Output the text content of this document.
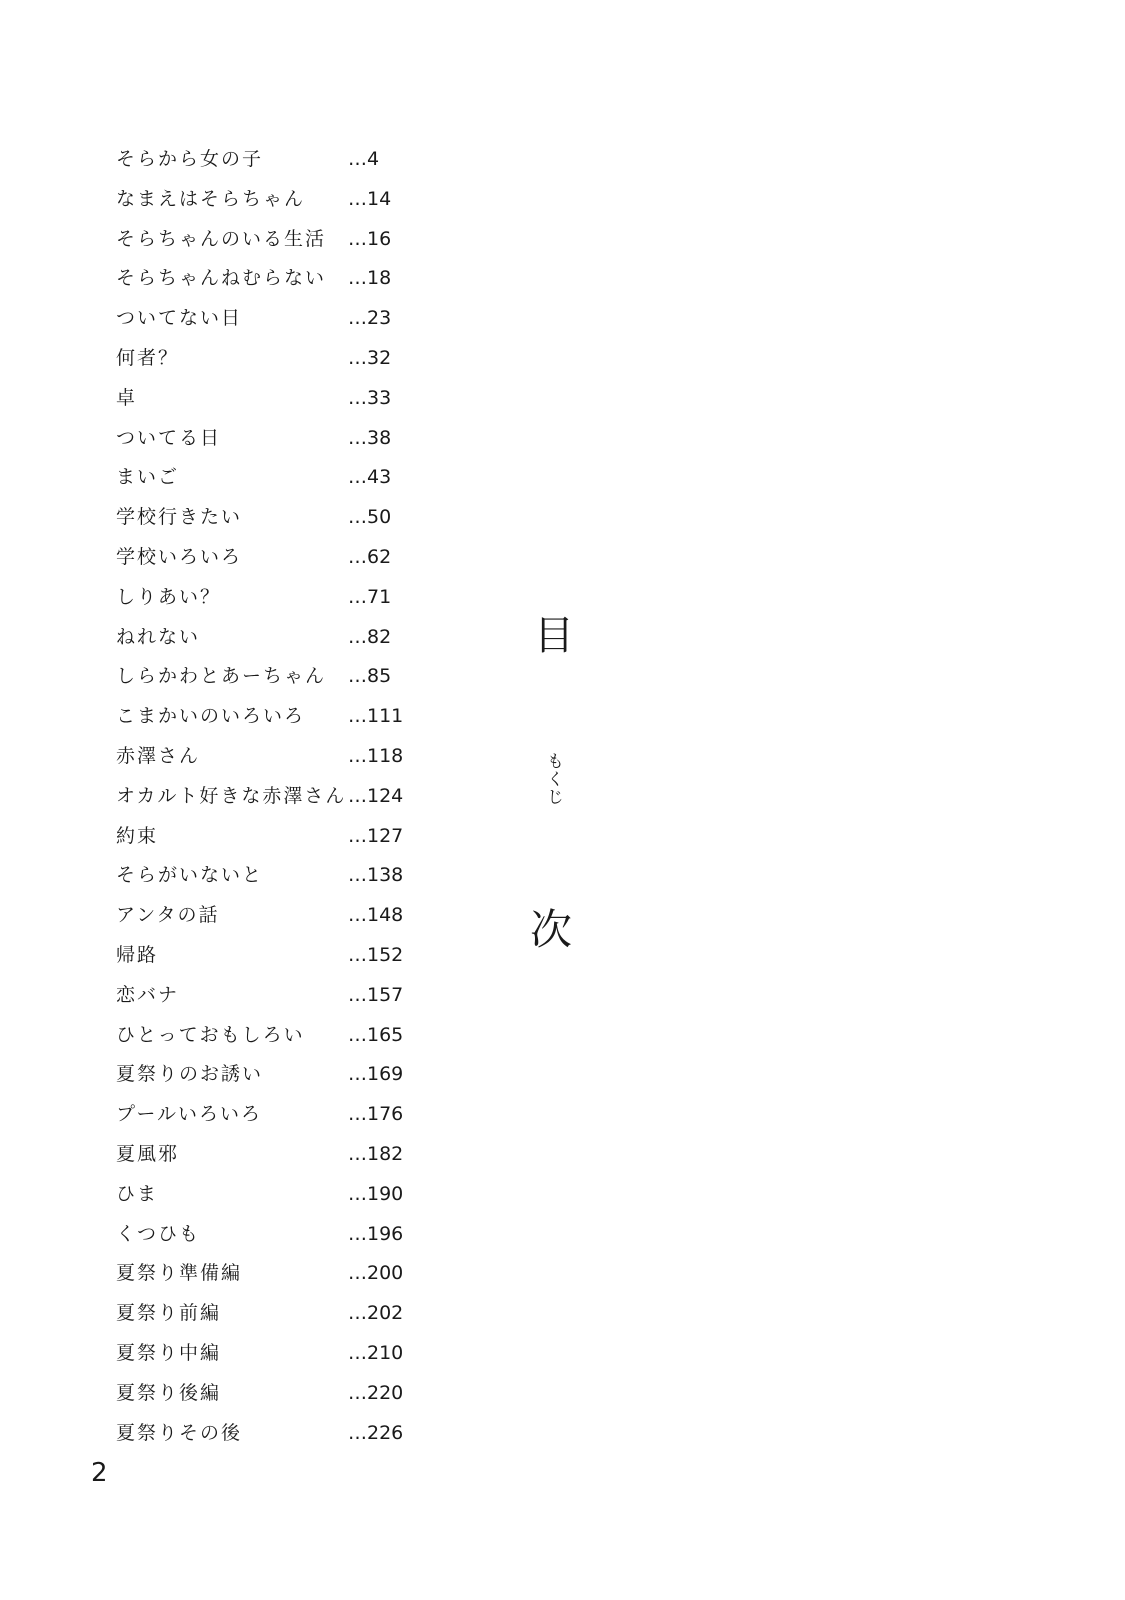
そらから女の子	…4
なまえはそらちゃん …14
そらちゃんのいる生活 …16
そらちゃんねむらない …18
ついてない日	…23
何者？	…32
卓	…33
ついてる日	…38
まいご	…43
学校行きたい	…50
学校いろいろ	…62
しりあい？	…71
ねれない	…82
しらかわとあーちゃん …85
こまかいのいろいろ …111
赤澤さん	…118
オカルト好きな赤澤さん …124
約束	…127
そらがいないと	…138
アンタの話	…148
帰路	…152
恋バナ	…157
ひとっておもしろい …165
夏祭りのお誘い	…169
プールいろいろ	…176
夏風邪	…182
ひま	…190
くつひも	…196
夏祭り準備編	…200
夏祭り前編	…202
夏祭り中編	…210
夏祭り後編	…220
夏祭りその後	…226
目
もくじ
次
2
